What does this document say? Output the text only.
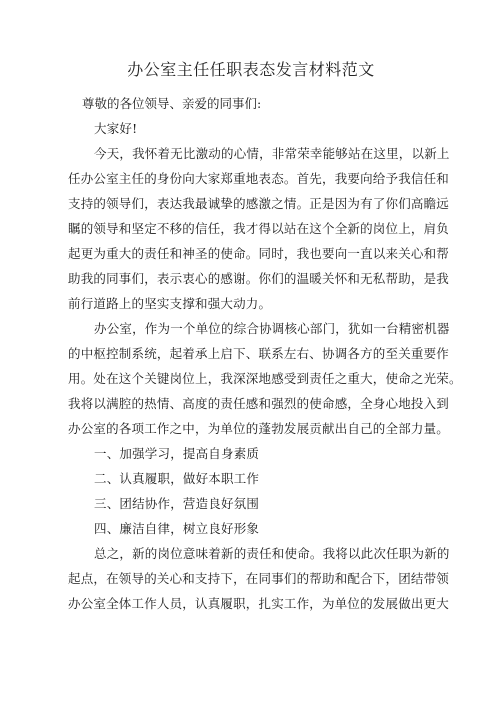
办公室主任任职表态发言材料范文

尊敬的各位领导、亲爱的同事们:

大家好!

今天，我怀着无比激动的心情，非常荣幸能够站在这里，以新上

任办公室主任的身份向大家郑重地表态。首先，我要向给予我信任和

支持的领导们，表达我最诚挚的感激之情。正是因为有了你们高瞻远

瞩的领导和坚定不移的信任，我才得以站在这个全新的岗位上，肩负

起更为重大的责任和神圣的使命。同时，我也要向一直以来关心和帮

助我的同事们，表示衷心的感谢。你们的温暖关怀和无私帮助，是我

前行道路上的坚实支撑和强大动力。

办公室，作为一个单位的综合协调核心部门，犹如一台精密机器

的中枢控制系统，起着承上启下、联系左右、协调各方的至关重要作

用。处在这个关键岗位上，我深深地感受到责任之重大，使命之光荣。

我将以满腔的热情、高度的责任感和强烈的使命感，全身心地投入到

办公室的各项工作之中，为单位的蓬勃发展贡献出自己的全部力量。

一、加强学习，提高自身素质

二、认真履职，做好本职工作

三、团结协作，营造良好氛围

四、廉洁自律，树立良好形象

总之，新的岗位意味着新的责任和使命。我将以此次任职为新的

起点，在领导的关心和支持下，在同事们的帮助和配合下，团结带领

办公室全体工作人员，认真履职，扎实工作，为单位的发展做出更大
